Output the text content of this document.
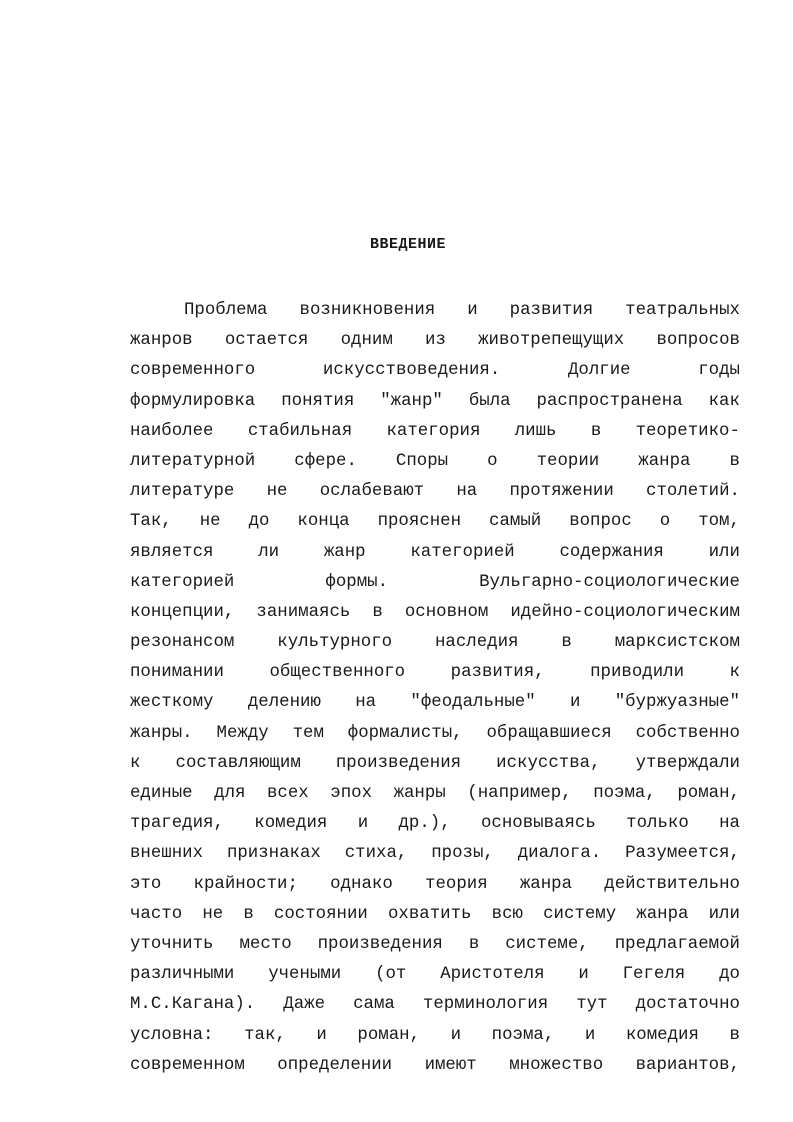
ВВЕДЕНИЕ
Проблема возникновения и развития театральных
жанров остается одним из животрепещущих вопросов
современного	искусствоведения.	Долгие	годы
формулировка понятия "жанр" была распространена как
наиболее стабильная категория лишь в теоретико-
литературной сфере. Споры о теории жанра в
литературе не ослабевают на протяжении столетий.
Так, не до конца прояснен самый вопрос о том,
является	ли	жанр	категорией	содержания	или
категорией	формы.	Вульгарно-социологические
концепции, занимаясь в основном идейно-социологическим
резонансом культурного наследия в марксистском
понимании	общественного	развития,	приводили	к
жесткому делению на "феодальные" и "буржуазные"
жанры. Между тем формалисты, обращавшиеся собственно
к составляющим произведения искусства, утверждали
единые для всех эпох жанры (например, поэма, роман,
трагедия, комедия и др.), основываясь только на
внешних признаках стиха, прозы, диалога. Разумеется,
это крайности; однако теория жанра действительно
часто не в состоянии охватить всю систему жанра или
уточнить место произведения в системе, предлагаемой
различными учеными (от Аристотеля и Гегеля до
М.С.Кагана). Даже сама терминология тут достаточно
условна: так, и роман, и поэма, и комедия в
современном определении имеют множество вариантов,
